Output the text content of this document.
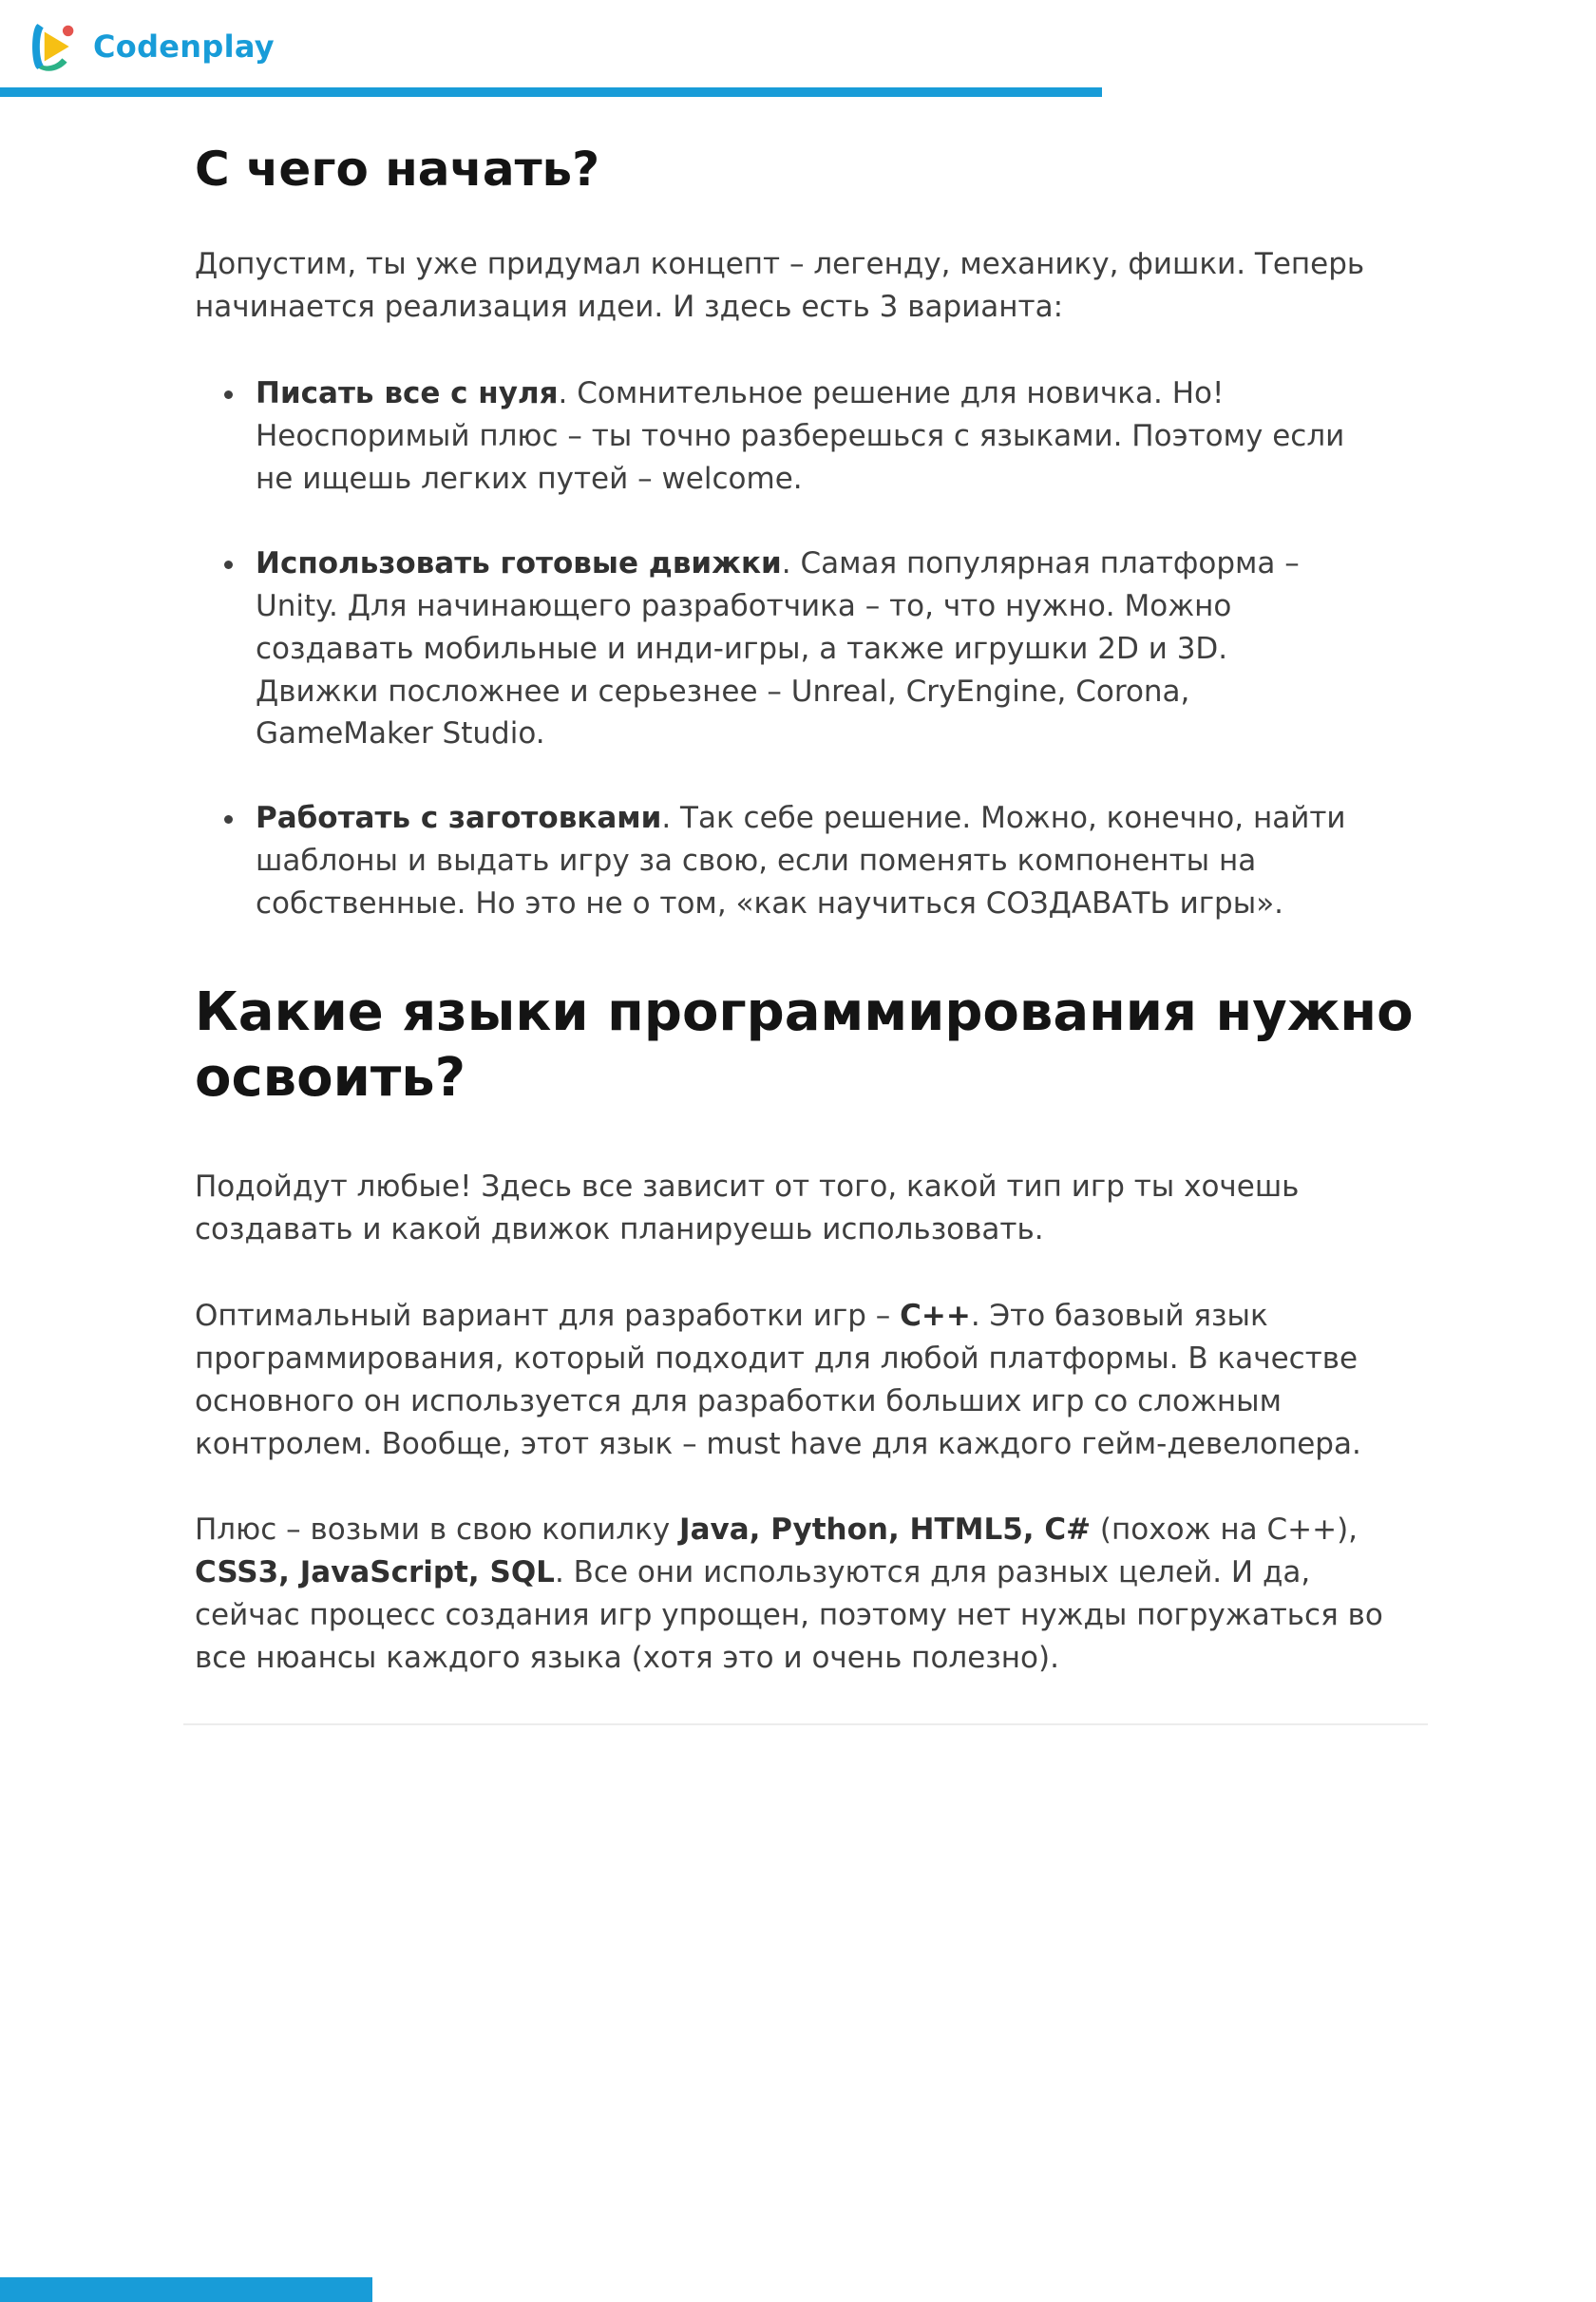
Codenplay
С чего начать?

Допустим, ты уже придумал концепт – легенду, механику, фишки. Теперь начинается реализация идеи. И здесь есть 3 варианта:

• Писать все с нуля. Сомнительное решение для новичка. Но! Неоспоримый плюс – ты точно разберешься с языками. Поэтому если не ищешь легких путей – welcome.
• Использовать готовые движки. Самая популярная платформа – Unity. Для начинающего разработчика – то, что нужно. Можно создавать мобильные и инди-игры, а также игрушки 2D и 3D. Движки посложнее и серьезнее – Unreal, CryEngine, Corona, GameMaker Studio.
• Работать с заготовками. Так себе решение. Можно, конечно, найти шаблоны и выдать игру за свою, если поменять компоненты на собственные. Но это не о том, «как научиться СОЗДАВАТЬ игры».
Какие языки программирования нужно освоить?

Подойдут любые! Здесь все зависит от того, какой тип игр ты хочешь создавать и какой движок планируешь использовать.

Оптимальный вариант для разработки игр – C++. Это базовый язык программирования, который подходит для любой платформы. В качестве основного он используется для разработки больших игр со сложным контролем. Вообще, этот язык – must have для каждого гейм-девелопера.

Плюс – возьми в свою копилку Java, Python, HTML5, C# (похож на C++), CSS3, JavaScript, SQL. Все они используются для разных целей. И да, сейчас процесс создания игр упрощен, поэтому нет нужды погружаться во все нюансы каждого языка (хотя это и очень полезно).
